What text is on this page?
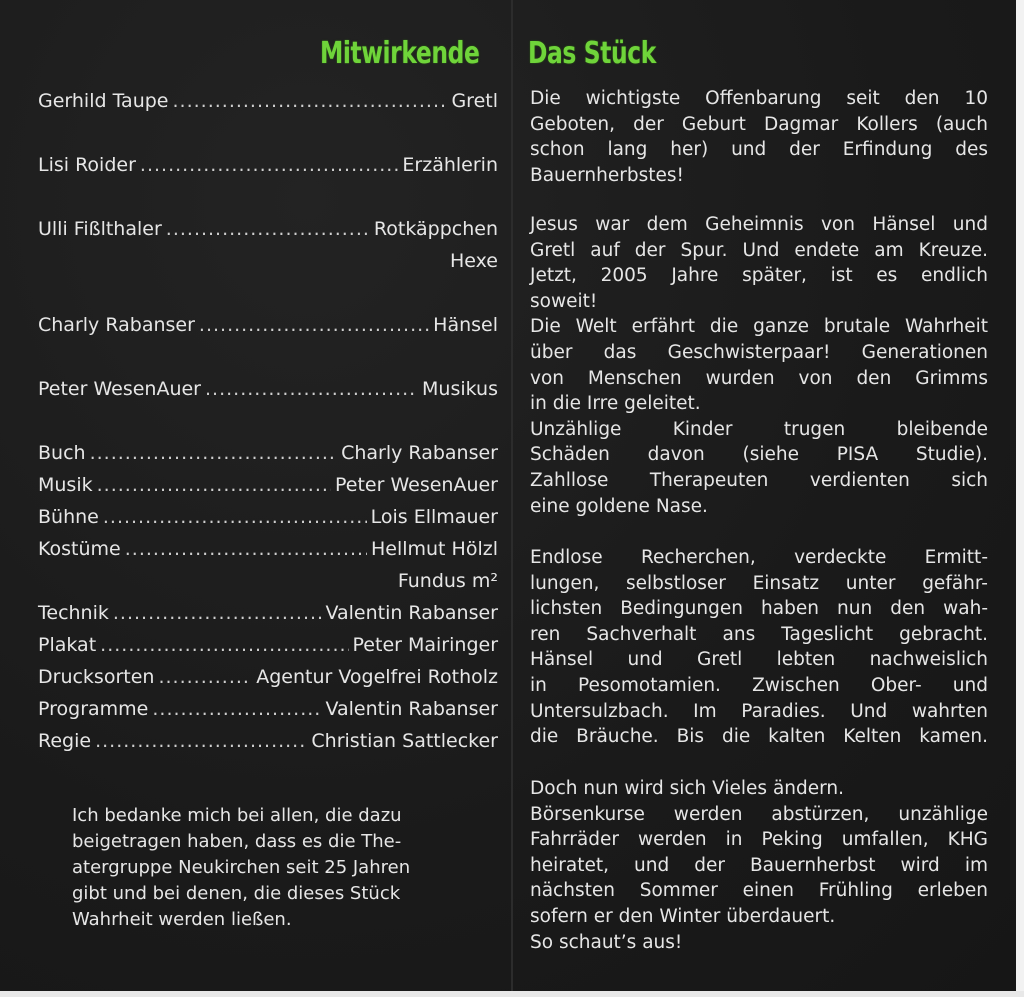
Mitwirkende Das Stück
Gerhild Taupe .....	Gretl
Lisi Roider .....	Erzählerin
Ulli Fißlthaler .....	Rotkäppchen
Hexe
Charly Rabanser .....	Hänsel
Peter WesenAuer .....	Musikus
Buch .....	Charly Rabanser
Musik .....	Peter WesenAuer
Bühne .....	Lois Ellmauer
Kostüme .....	Hellmut Hölzl
Fundus m²
Technik .....	Valentin Rabanser
Plakat .....	Peter Mairinger
Drucksorten .....	Agentur Vogelfrei Rotholz
Programme .....	Valentin Rabanser
Regie .....	Christian Sattlecker

Ich bedanke mich bei allen, die dazu

beigetragen haben, dass es die The-

atergruppe Neukirchen seit 25 Jahren

gibt und bei denen, die dieses Stück

Wahrheit werden ließen.

Die wichtigste Offenbarung seit den 10

Geboten, der Geburt Dagmar Kollers (auch

schon lang her) und der Erfindung des

Bauernherbstes!

Jesus war dem Geheimnis von Hänsel und

Gretl auf der Spur. Und endete am Kreuze.

Jetzt, 2005 Jahre später, ist es endlich

soweit!

Die Welt erfährt die ganze brutale Wahrheit

über das Geschwisterpaar! Generationen

von Menschen wurden von den Grimms

in die Irre geleitet.

Unzählige Kinder trugen bleibende

Schäden davon (siehe PISA Studie).

Zahllose Therapeuten verdienten sich

eine goldene Nase.

Endlose Recherchen, verdeckte Ermitt-

lungen, selbstloser Einsatz unter gefähr-

lichsten Bedingungen haben nun den wah-

ren Sachverhalt ans Tageslicht gebracht.

Hänsel und Gretl lebten nachweislich

in Pesomotamien. Zwischen Ober- und

Untersulzbach. Im Paradies. Und wahrten

die Bräuche. Bis die kalten Kelten kamen.

Doch nun wird sich Vieles ändern.

Börsenkurse werden abstürzen, unzählige

Fahrräder werden in Peking umfallen, KHG

heiratet, und der Bauernherbst wird im

nächsten Sommer einen Frühling erleben

sofern er den Winter überdauert.

So schaut’s aus!
